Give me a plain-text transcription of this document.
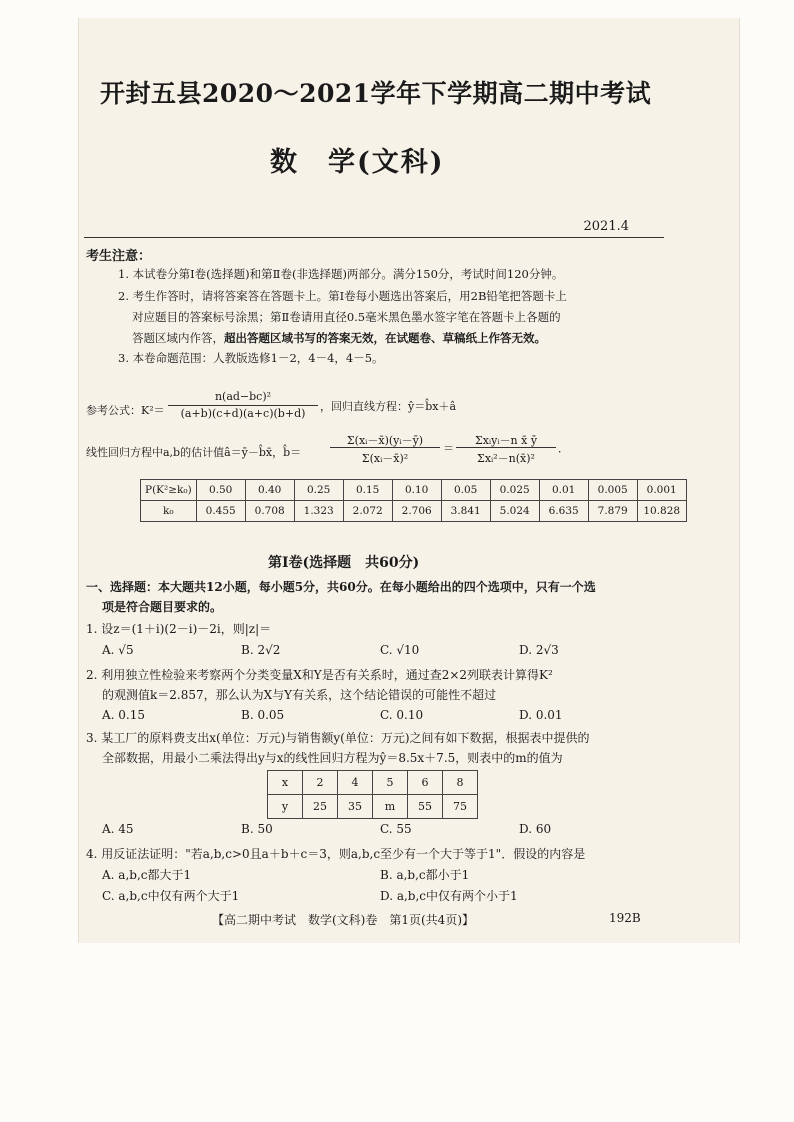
开封五县2020～2021学年下学期高二期中考试
数　学(文科)
2021.4
考生注意：
1. 本试卷分第Ⅰ卷(选择题)和第Ⅱ卷(非选择题)两部分。满分150分，考试时间120分钟。
2. 考生作答时，请将答案答在答题卡上。第Ⅰ卷每小题选出答案后，用2B铅笔把答题卡上
对应题目的答案标号涂黑；第Ⅱ卷请用直径0.5毫米黑色墨水签字笔在答题卡上各题的
答题区域内作答，超出答题区域书写的答案无效，在试题卷、草稿纸上作答无效。
3. 本卷命题范围：人教版选修1－2，4－4，4－5。
参考公式：K²＝
n(ad−bc)²
(a+b)(c+d)(a+c)(b+d)
，回归直线方程：ŷ＝b̂x＋â
线性回归方程中a,b的估计值â＝ȳ－b̂x̄，b̂＝
Σ(xᵢ－x̄)(yᵢ－ȳ)
Σ(xᵢ－x̄)²
＝
Σxᵢyᵢ－n x̄ ȳ
Σxᵢ²－n(x̄)²
．
P(K²≥k₀)	0.50	0.40	0.25	0.15	0.10	0.05	0.025	0.01	0.005	0.001
k₀	0.455	0.708	1.323	2.072	2.706	3.841	5.024	6.635	7.879	10.828
第Ⅰ卷(选择题　共60分)
一、选择题：本大题共12小题，每小题5分，共60分。在每小题给出的四个选项中，只有一个选
项是符合题目要求的。
1. 设z＝(1＋i)(2－i)－2i，则|z|＝
A. √5	B. 2√2	C. √10	D. 2√3
2. 利用独立性检验来考察两个分类变量X和Y是否有关系时，通过查2×2列联表计算得K²
的观测值k＝2.857，那么认为X与Y有关系，这个结论错误的可能性不超过
A. 0.15	B. 0.05	C. 0.10	D. 0.01
3. 某工厂的原料费支出x(单位：万元)与销售额y(单位：万元)之间有如下数据，根据表中提供的
全部数据，用最小二乘法得出y与x的线性回归方程为ŷ＝8.5x＋7.5，则表中的m的值为
x	2	4	5	6	8
y	25	35	m	55	75
A. 45	B. 50	C. 55	D. 60
4. 用反证法证明："若a,b,c>0且a＋b＋c＝3，则a,b,c至少有一个大于等于1"．假设的内容是
A. a,b,c都大于1	B. a,b,c都小于1
C. a,b,c中仅有两个大于1	D. a,b,c中仅有两个小于1
【高二期中考试　数学(文科)卷　第1页(共4页)】	192B
